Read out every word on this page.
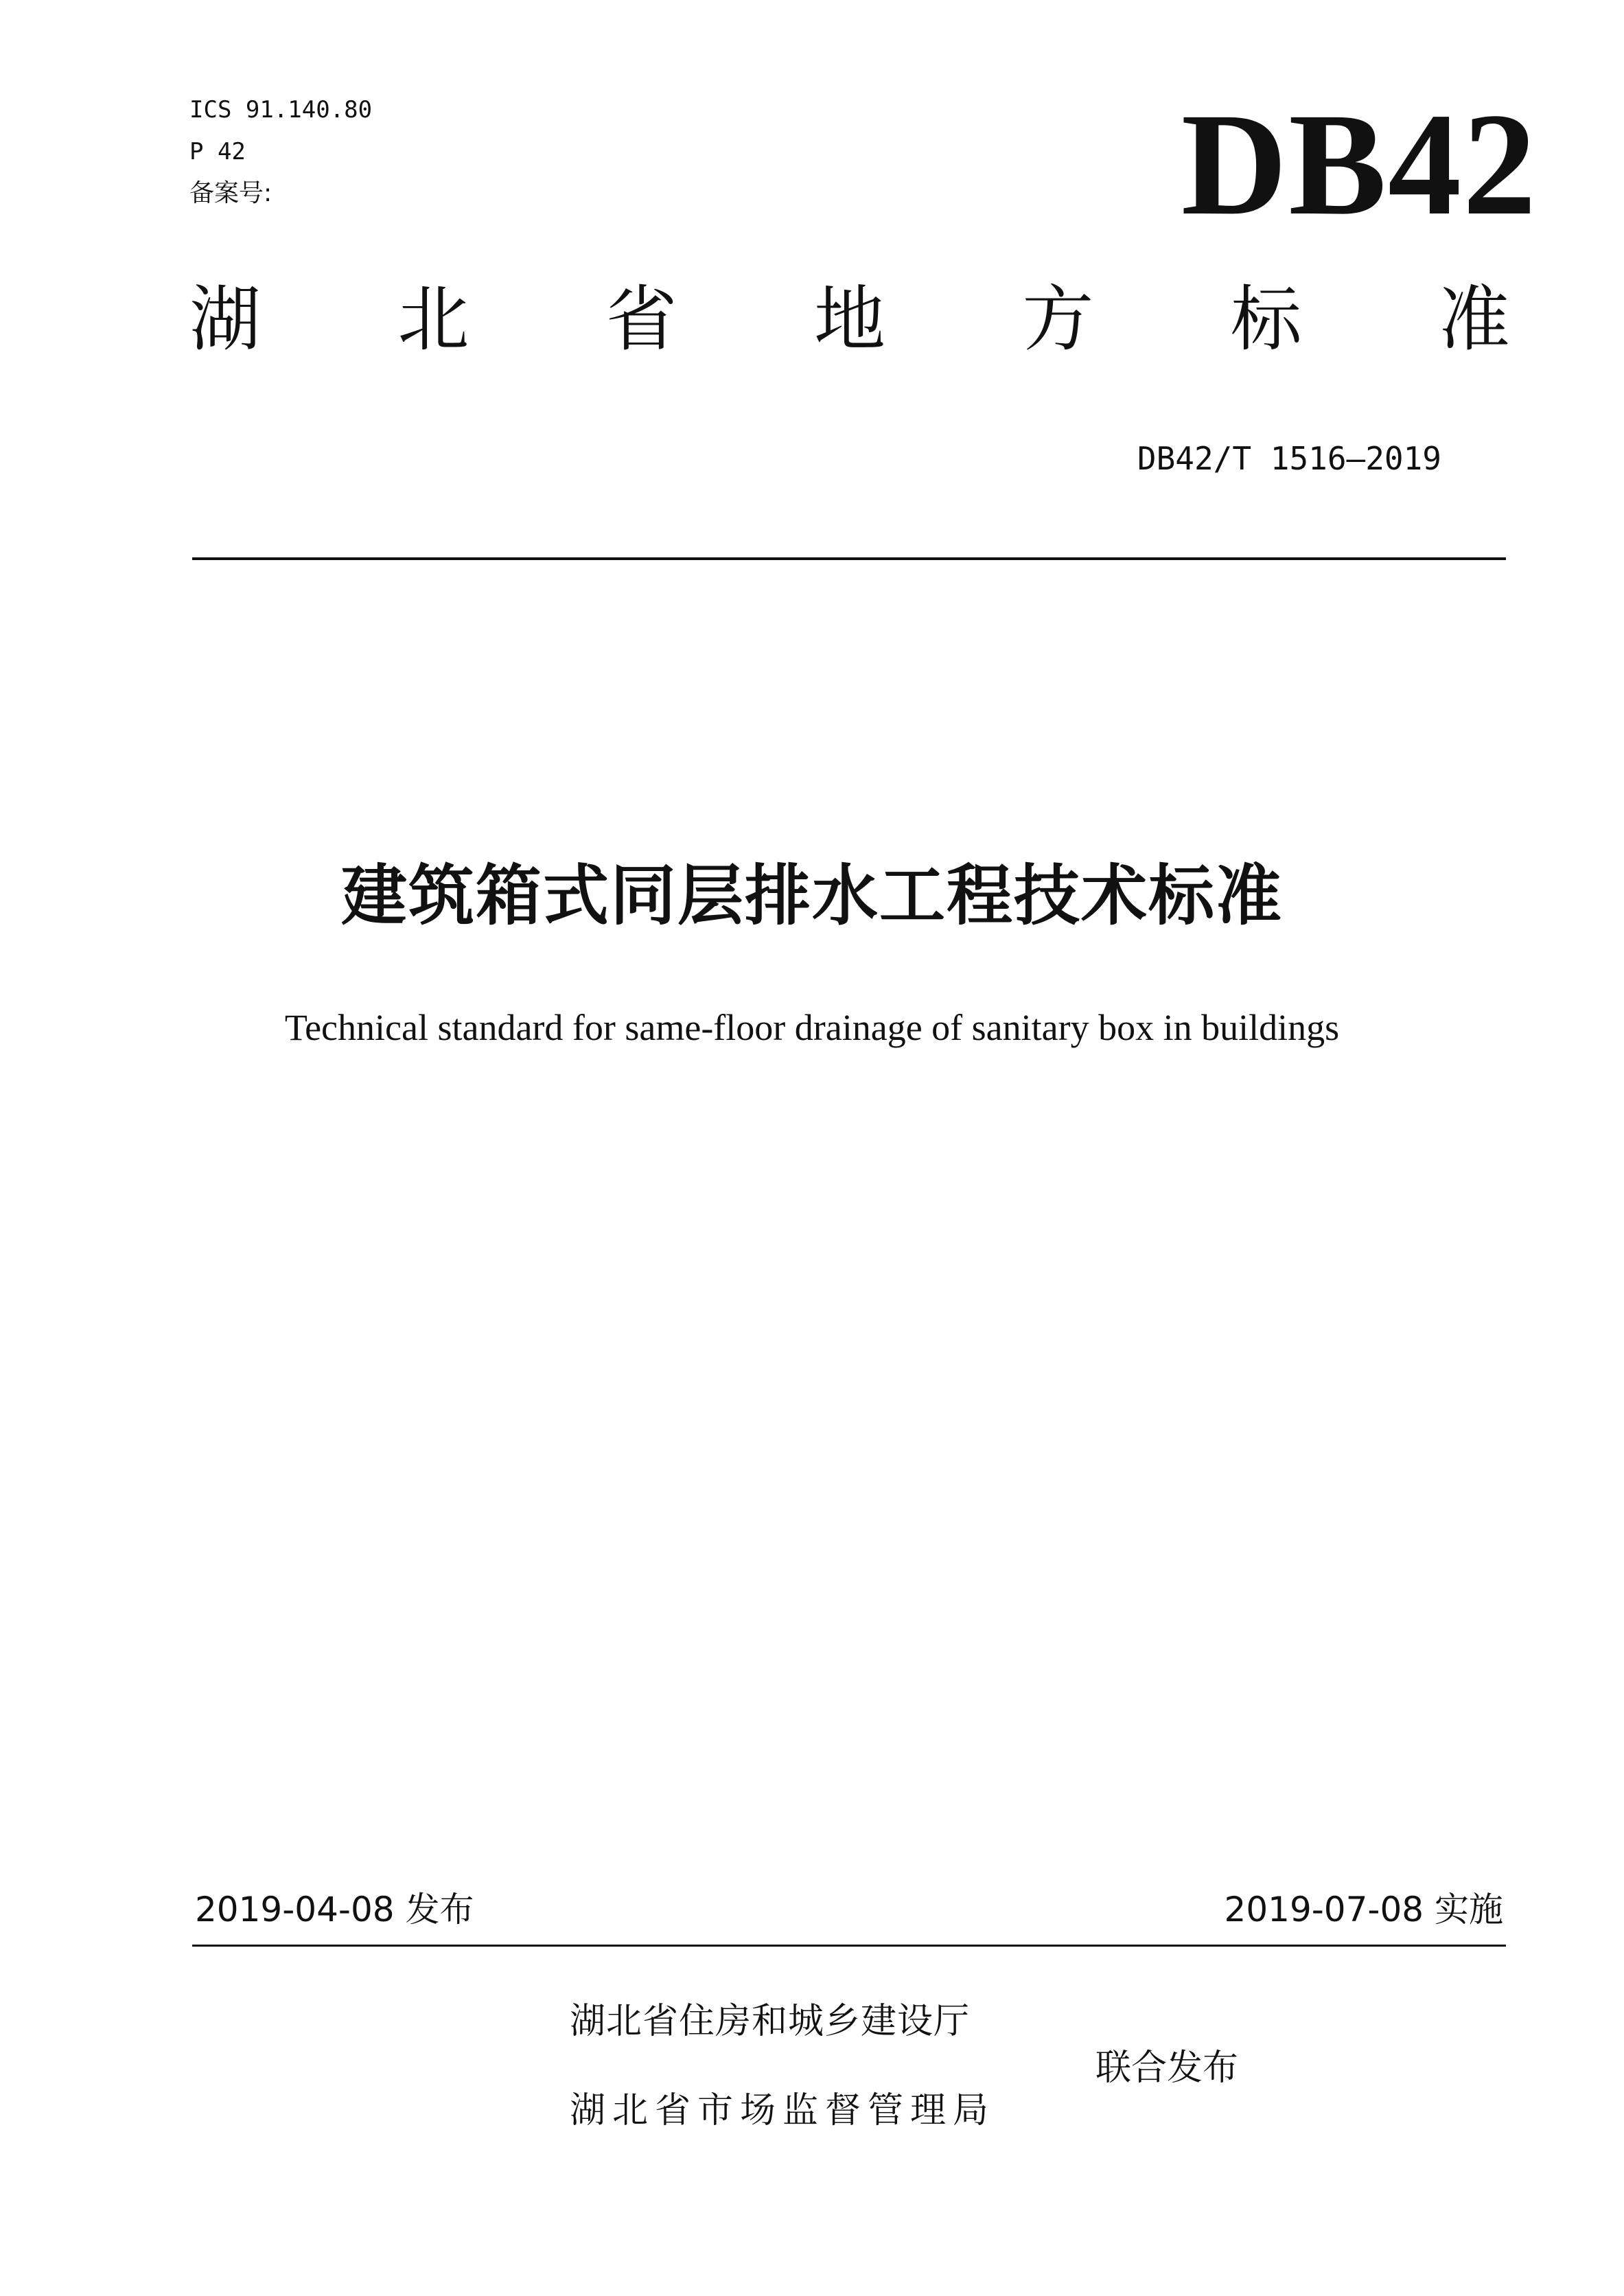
ICS 91.140.80

P 42

备案号:	DB42
湖 北 省 地 方 标 准
DB42/T 1516—2019
建筑箱式同层排水工程技术标准

Technical standard for same-floor drainage of sanitary box in buildings

2019-04-08 发布	2019-07-08 实施
湖北省住房和城乡建设厅
湖北省市场监督管理局
联合发布
